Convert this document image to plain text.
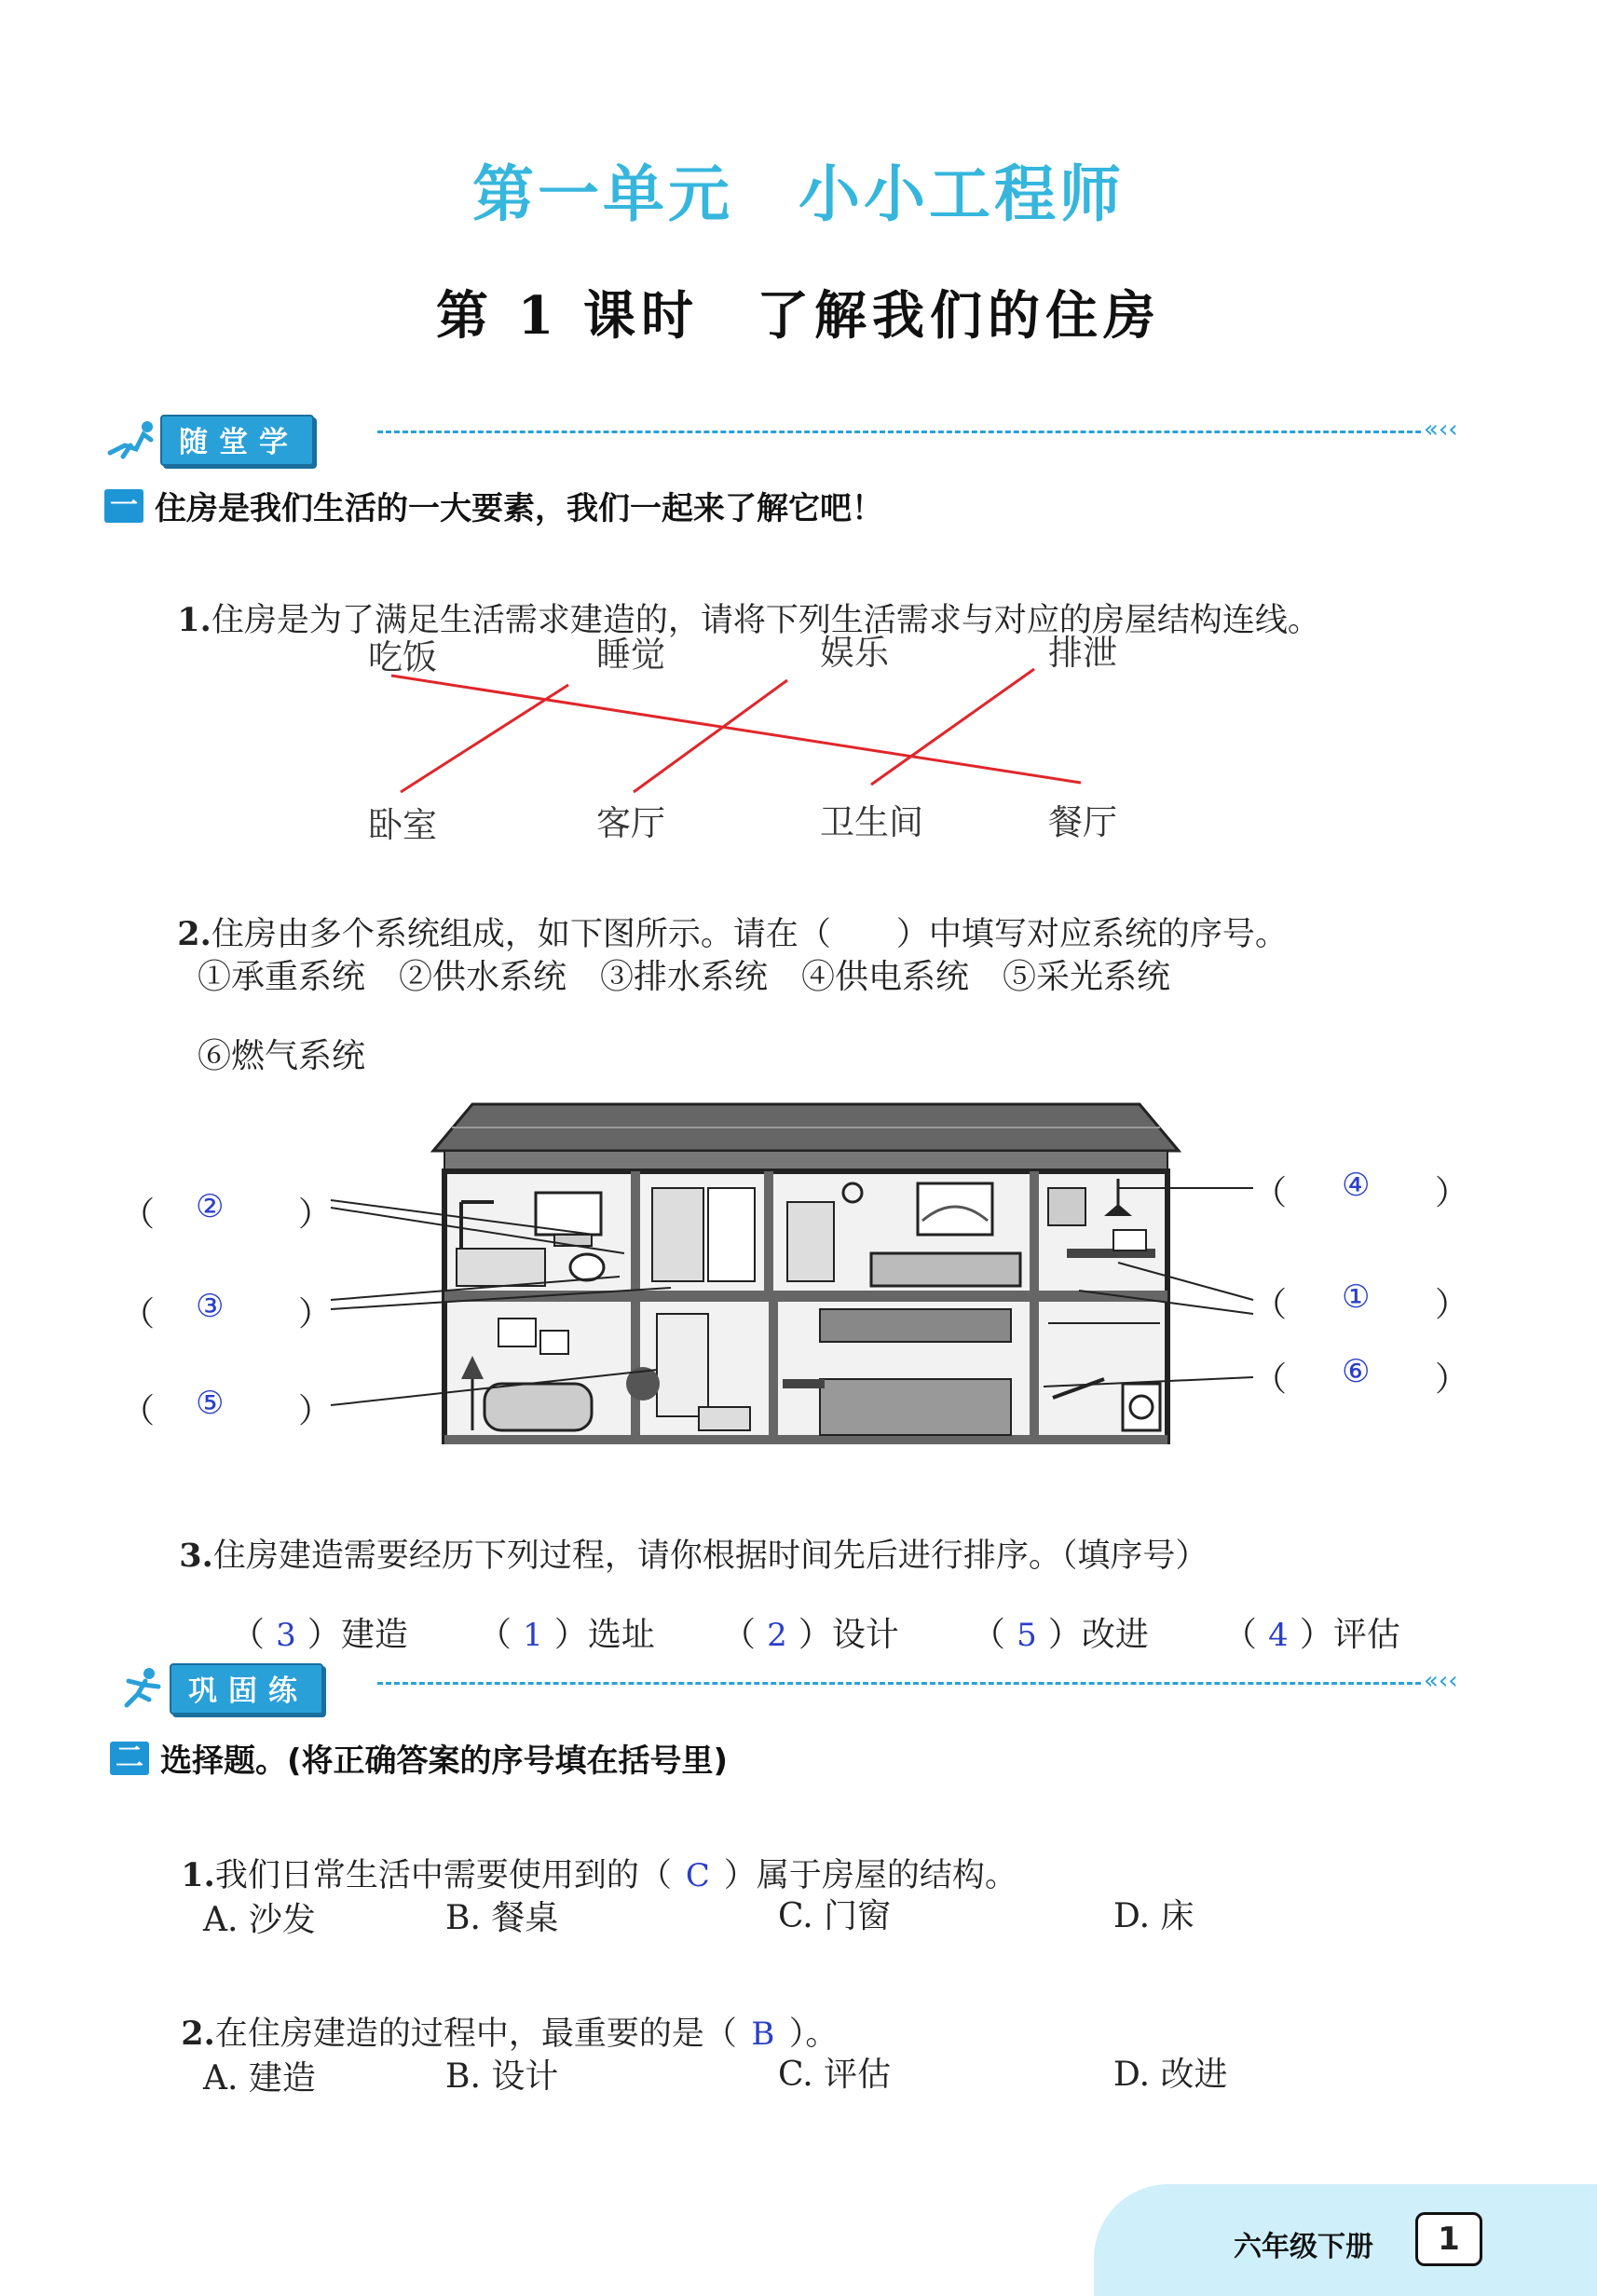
第一单元　小小工程师
第 1 课时　了解我们的住房
随堂学	«‹‹
一 住房是我们生活的一大要素，我们一起来了解它吧！

1.住房是为了满足生活需求建造的，请将下列生活需求与对应的房屋结构连线。

吃饭	睡觉	娱乐	排泄
卧室	客厅	卫生间	餐厅

2.住房由多个系统组成，如下图所示。请在（　　）中填写对应系统的序号。

①承重系统　②供水系统　③排水系统　④供电系统　⑤采光系统
⑥燃气系统
（ ② ）
（ ③ ）
（ ⑤ ）
（ ④ ）
（ ① ）
（ ⑥ ）

3.住房建造需要经历下列过程，请你根据时间先后进行排序。（填序号）

（ 3 ）建造	（ 1 ）选址	（ 2 ）设计	（ 5 ）改进	（ 4 ）评估

巩固练	«‹‹
二 选择题。(将正确答案的序号填在括号里)

1.我们日常生活中需要使用到的（ C ）属于房屋的结构。

A. 沙发	B. 餐桌	C. 门窗	D. 床

2.在住房建造的过程中，最重要的是（ B ）。

A. 建造	B. 设计	C. 评估	D. 改进
六年级下册	1
